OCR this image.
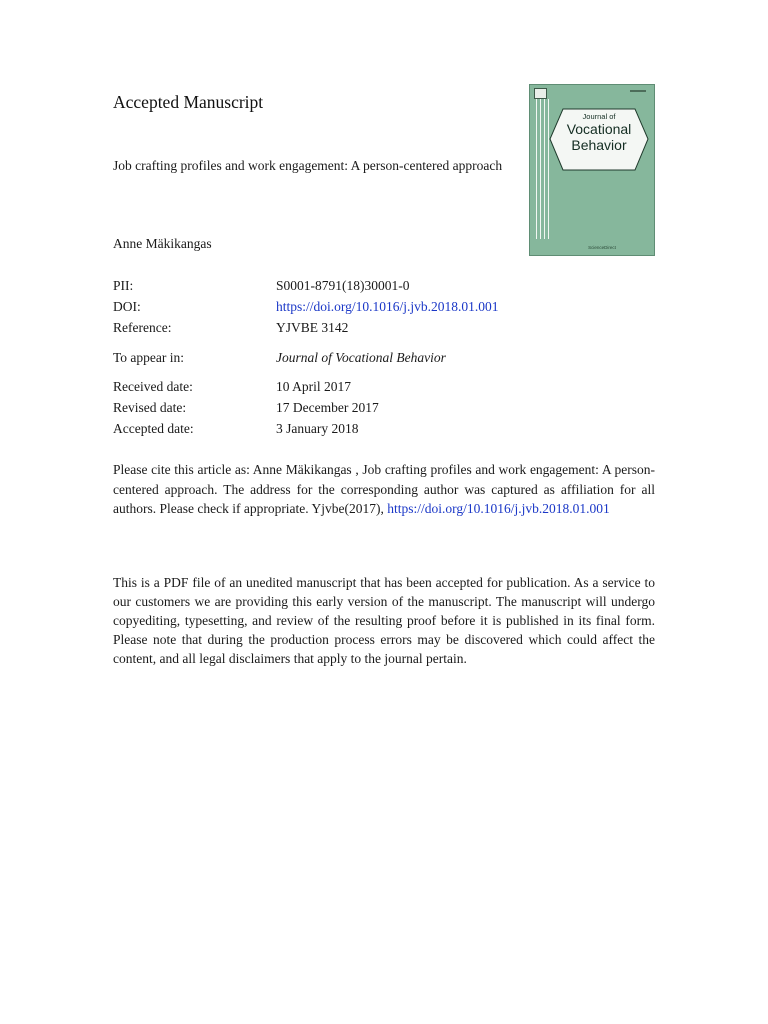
Accepted Manuscript
Journal of
Vocational
Behavior
ScienceDirect
Job crafting profiles and work engagement: A person-centered approach
Anne Mäkikangas
PII:	S0001-8791(18)30001-0
DOI:	https://doi.org/10.1016/j.jvb.2018.01.001
Reference:	YJVBE 3142
To appear in:	Journal of Vocational Behavior
Received date:	10 April 2017
Revised date:	17 December 2017
Accepted date:	3 January 2018
Please cite this article as: Anne Mäkikangas , Job crafting profiles and work engagement: A person-centered approach. The address for the corresponding author was captured as affiliation for all authors. Please check if appropriate. Yjvbe(2017), https://doi.org/10.1016/j.jvb.2018.01.001
This is a PDF file of an unedited manuscript that has been accepted for publication. As a service to our customers we are providing this early version of the manuscript. The manuscript will undergo copyediting, typesetting, and review of the resulting proof before it is published in its final form. Please note that during the production process errors may be discovered which could affect the content, and all legal disclaimers that apply to the journal pertain.
